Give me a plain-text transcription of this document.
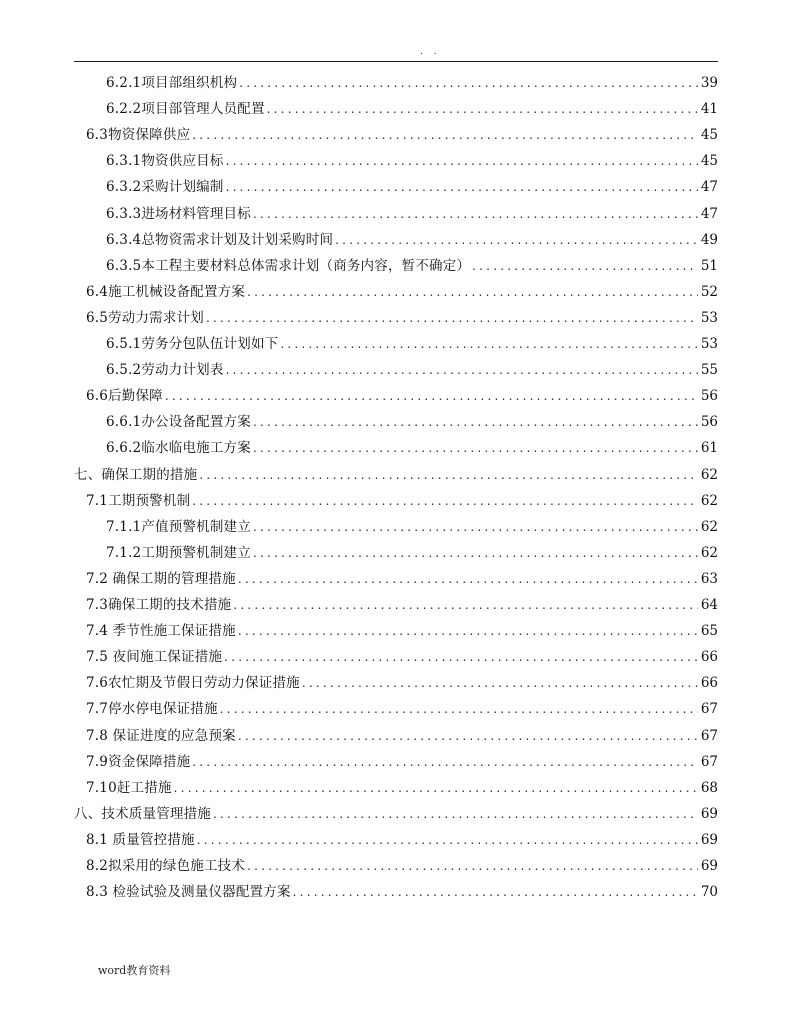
. .
6.2.1项目部组织机构 .....	39
6.2.2项目部管理人员配置 .....	41
6.3物资保障供应 .....	45
6.3.1物资供应目标 .....	45
6.3.2采购计划编制 .....	47
6.3.3进场材料管理目标 .....	47
6.3.4总物资需求计划及计划采购时间 .....	49
6.3.5本工程主要材料总体需求计划（商务内容，暂不确定） .....	51
6.4施工机械设备配置方案 .....	52
6.5劳动力需求计划 .....	53
6.5.1劳务分包队伍计划如下 .....	53
6.5.2劳动力计划表 .....	55
6.6后勤保障 .....	56
6.6.1办公设备配置方案 .....	56
6.6.2临水临电施工方案 .....	61
七、确保工期的措施 .....	62
7.1工期预警机制 .....	62
7.1.1产值预警机制建立 .....	62
7.1.2工期预警机制建立 .....	62
7.2 确保工期的管理措施 .....	63
7.3确保工期的技术措施 .....	64
7.4 季节性施工保证措施 .....	65
7.5 夜间施工保证措施 .....	66
7.6农忙期及节假日劳动力保证措施 .....	66
7.7停水停电保证措施 .....	67
7.8 保证进度的应急预案 .....	67
7.9资金保障措施 .....	67
7.10赶工措施 .....	68
八、技术质量管理措施 .....	69
8.1 质量管控措施 .....	69
8.2拟采用的绿色施工技术 .....	69
8.3 检验试验及测量仪器配置方案 .....	70
word教育资料
